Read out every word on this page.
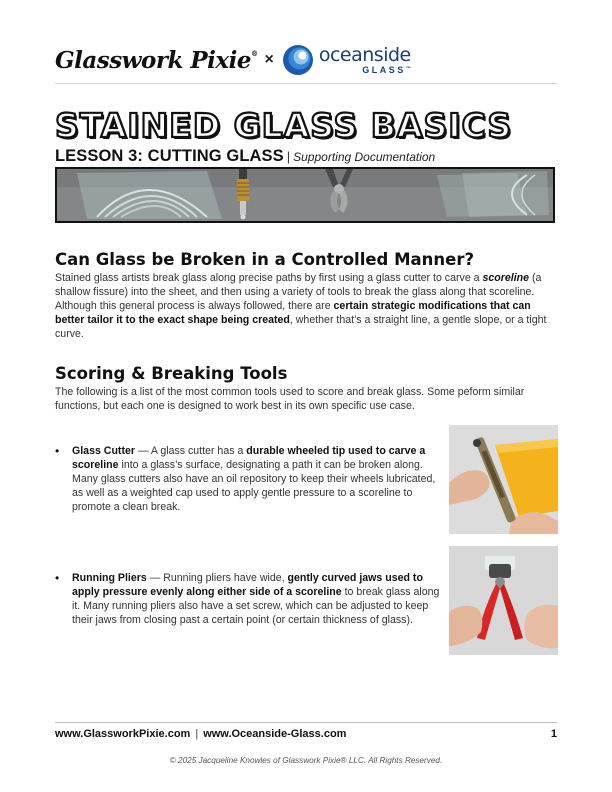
Glasswork Pixie® × oceanside
GLASS™
STAINED GLASS BASICS
LESSON 3: CUTTING GLASS | Supporting Documentation
Can Glass be Broken in a Controlled Manner?
Stained glass artists break glass along precise paths by first using a glass cutter to carve a scoreline (a shallow fissure) into the sheet, and then using a variety of tools to break the glass along that scoreline. Although this general process is always followed, there are certain strategic modifications that can better tailor it to the exact shape being created, whether that’s a straight line, a gentle slope, or a tight curve.
Scoring & Breaking Tools
The following is a list of the most common tools used to score and break glass. Some peform similar functions, but each one is designed to work best in its own specific use case.
• Glass Cutter — A glass cutter has a durable wheeled tip used to carve a scoreline into a glass’s surface, designating a path it can be broken along. Many glass cutters also have an oil repository to keep their wheels lubricated, as well as a weighted cap used to apply gentle pressure to a scoreline to promote a clean break.
• Running Pliers — Running pliers have wide, gently curved jaws used to apply pressure evenly along either side of a scoreline to break glass along it. Many running pliers also have a set screw, which can be adjusted to keep their jaws from closing past a certain point (or certain thickness of glass).
www.GlassworkPixie.com | www.Oceanside-Glass.com	1
© 2025 Jacqueline Knowles of Glasswork Pixie® LLC. All Rights Reserved.
